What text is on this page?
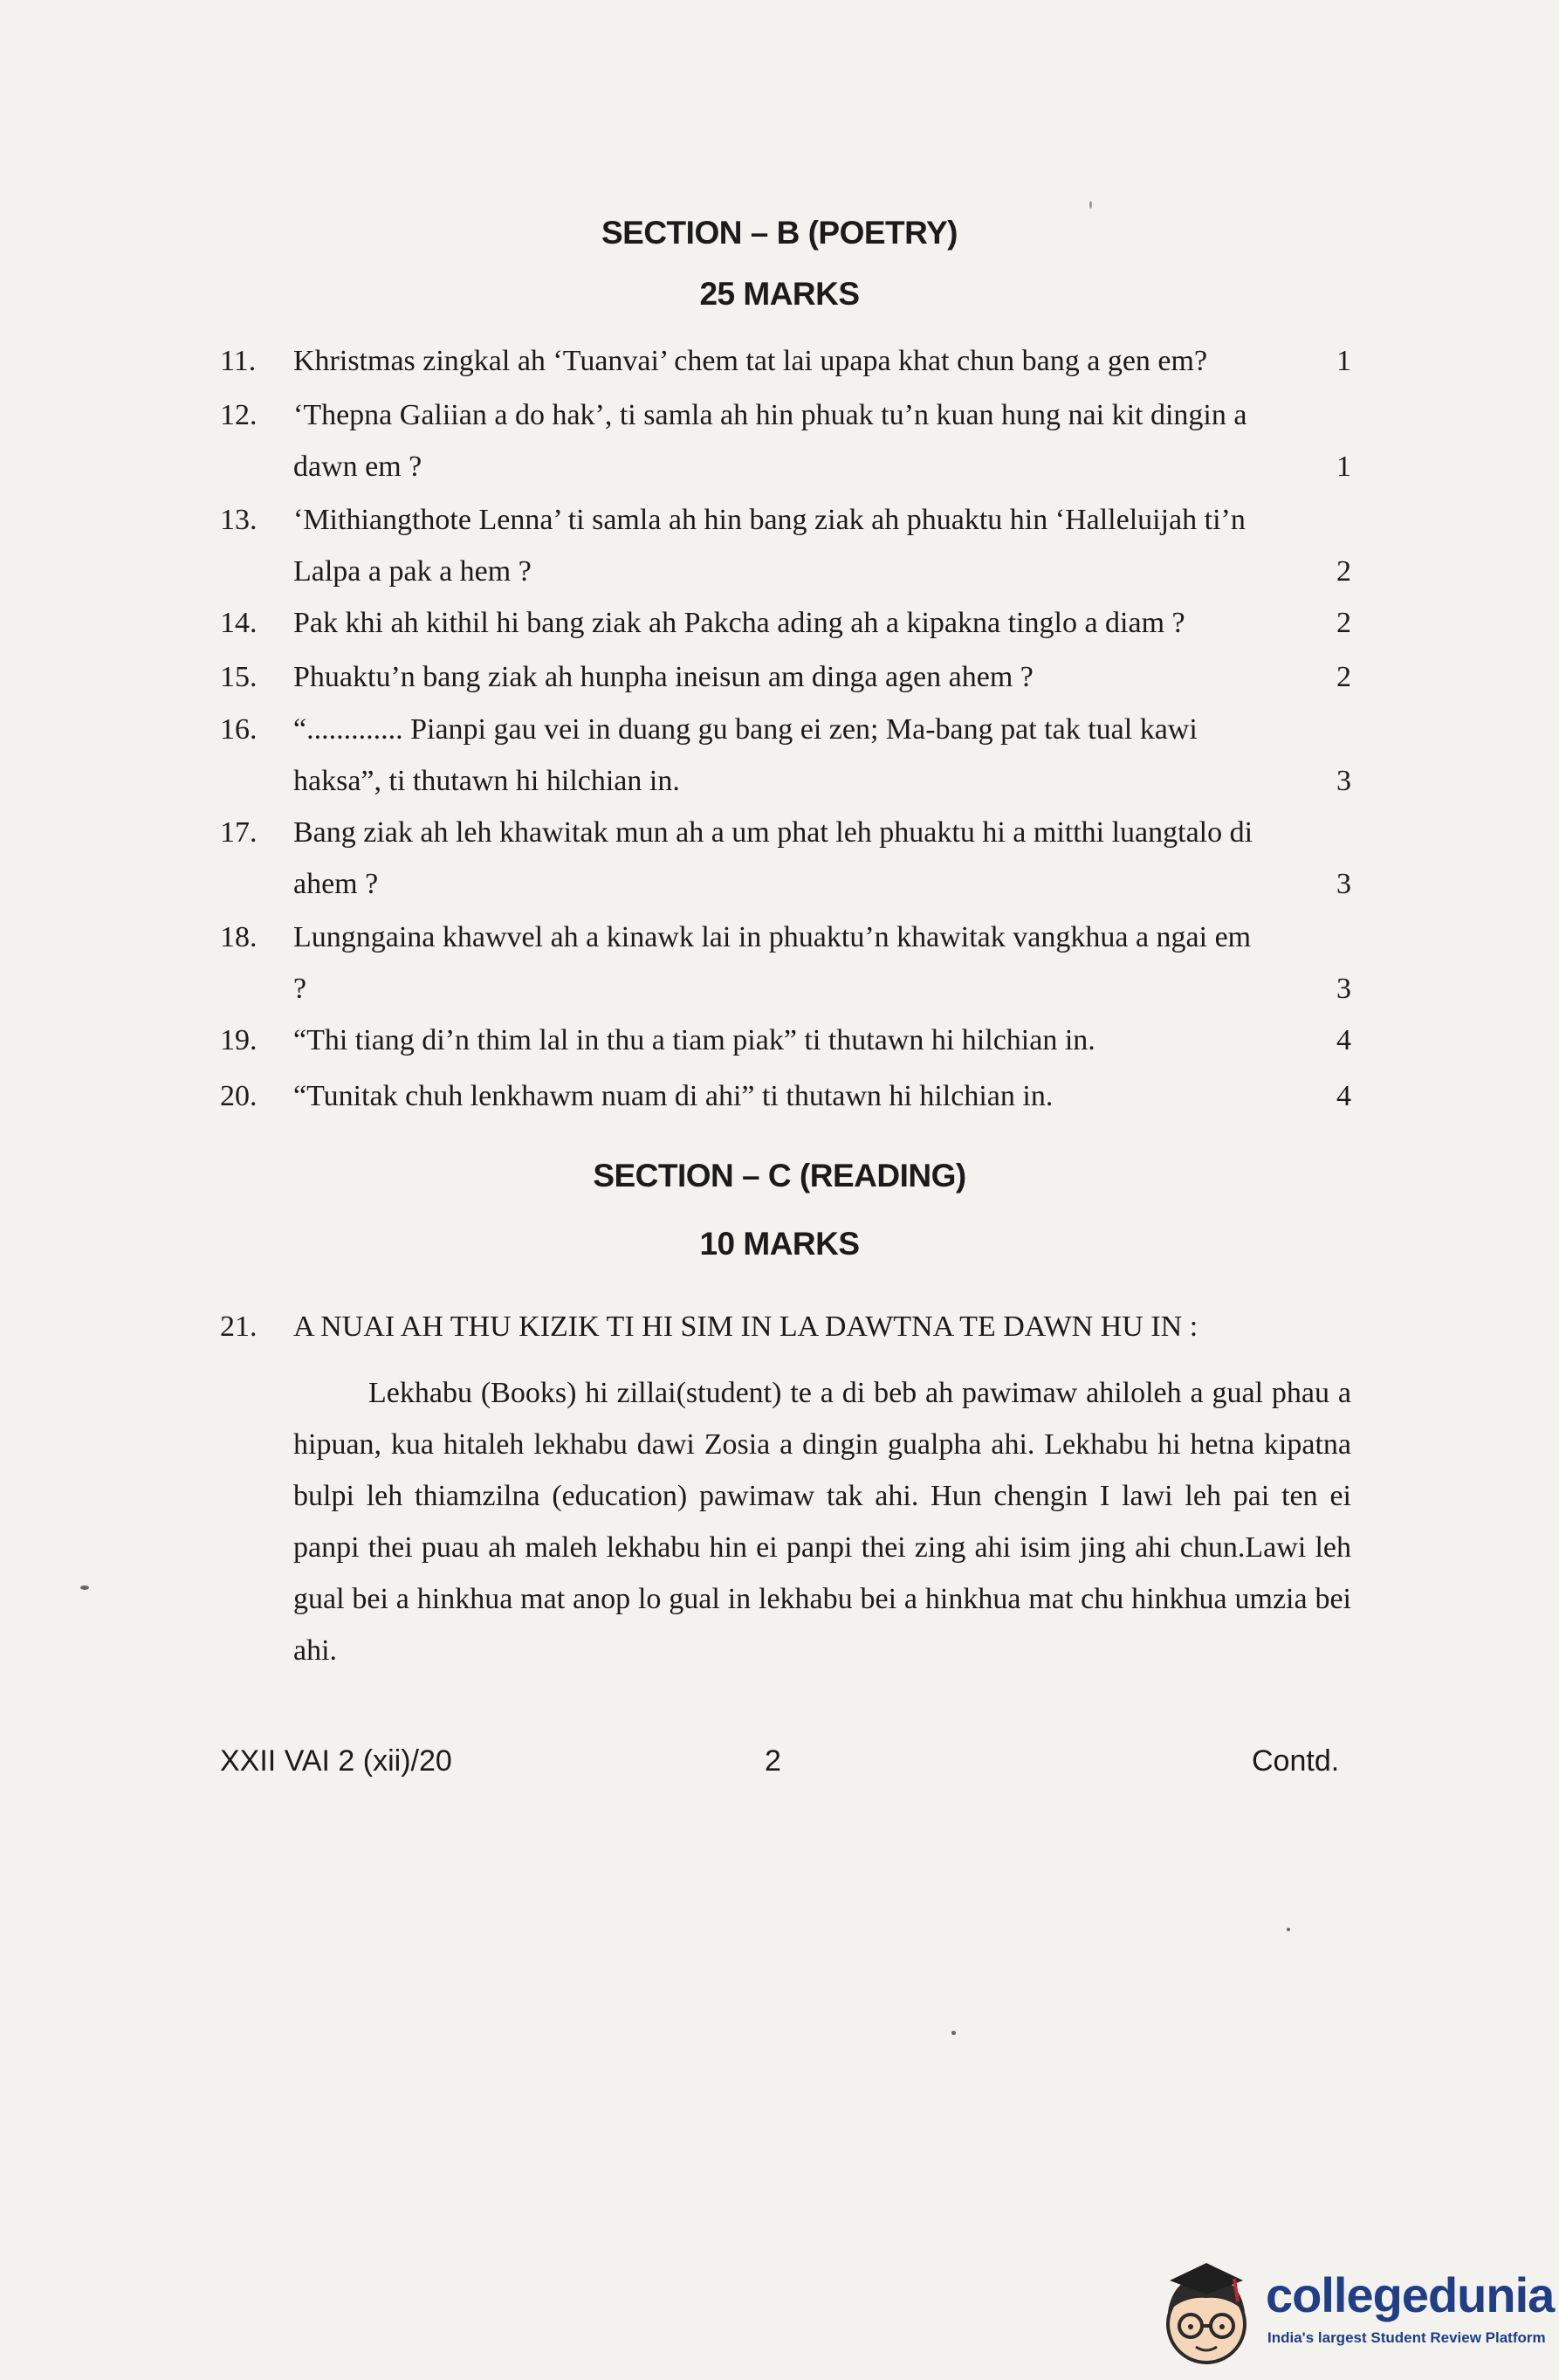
SECTION – B (POETRY)
25 MARKS
11.	Khristmas zingkal ah ‘Tuanvai’ chem tat lai upapa khat chun bang a gen em?	1
12.	‘Thepna Galiian a do hak’, ti samla ah hin phuak tu’n kuan hung nai kit dingin a dawn em ?	1
13.	‘Mithiangthote Lenna’ ti samla ah hin bang ziak ah phuaktu hin ‘Halleluijah ti’n Lalpa a pak a hem ?	2
14.	Pak khi ah kithil hi bang ziak ah Pakcha ading ah a kipakna tinglo a diam ?	2
15.	Phuaktu’n bang ziak ah hunpha ineisun am dinga agen ahem ?	2
16.	“............. Pianpi gau vei in duang gu bang ei zen; Ma-bang pat tak tual kawi haksa”, ti thutawn hi hilchian in.	3
17.	Bang ziak ah leh khawitak mun ah a um phat leh phuaktu hi a mitthi luangtalo di ahem ?	3
18.	Lungngaina khawvel ah a kinawk lai in phuaktu’n khawitak vangkhua a ngai em ?	3
19.	“Thi tiang di’n thim lal in thu a tiam piak” ti thutawn hi hilchian in.	4
20.	“Tunitak chuh lenkhawm nuam di ahi” ti thutawn hi hilchian in.	4
SECTION – C (READING)
10 MARKS
21.	A NUAI AH THU KIZIK TI HI SIM IN LA DAWTNA TE DAWN HU IN :
Lekhabu (Books) hi zillai(student) te a di beb ah pawimaw ahiloleh a gual phau a hipuan, kua hitaleh lekhabu dawi Zosia a dingin gualpha ahi. Lekhabu hi hetna kipatna bulpi leh thiamzilna (education) pawimaw tak ahi. Hun chengin I lawi leh pai ten ei panpi thei puau ah maleh lekhabu hin ei panpi thei zing ahi isim jing ahi chun.Lawi leh gual bei a hinkhua mat anop lo gual in lekhabu bei a hinkhua mat chu hinkhua umzia bei ahi.
XXII VAI 2 (xii)/20	2	Contd.
collegedunia
India's largest Student Review Platform
